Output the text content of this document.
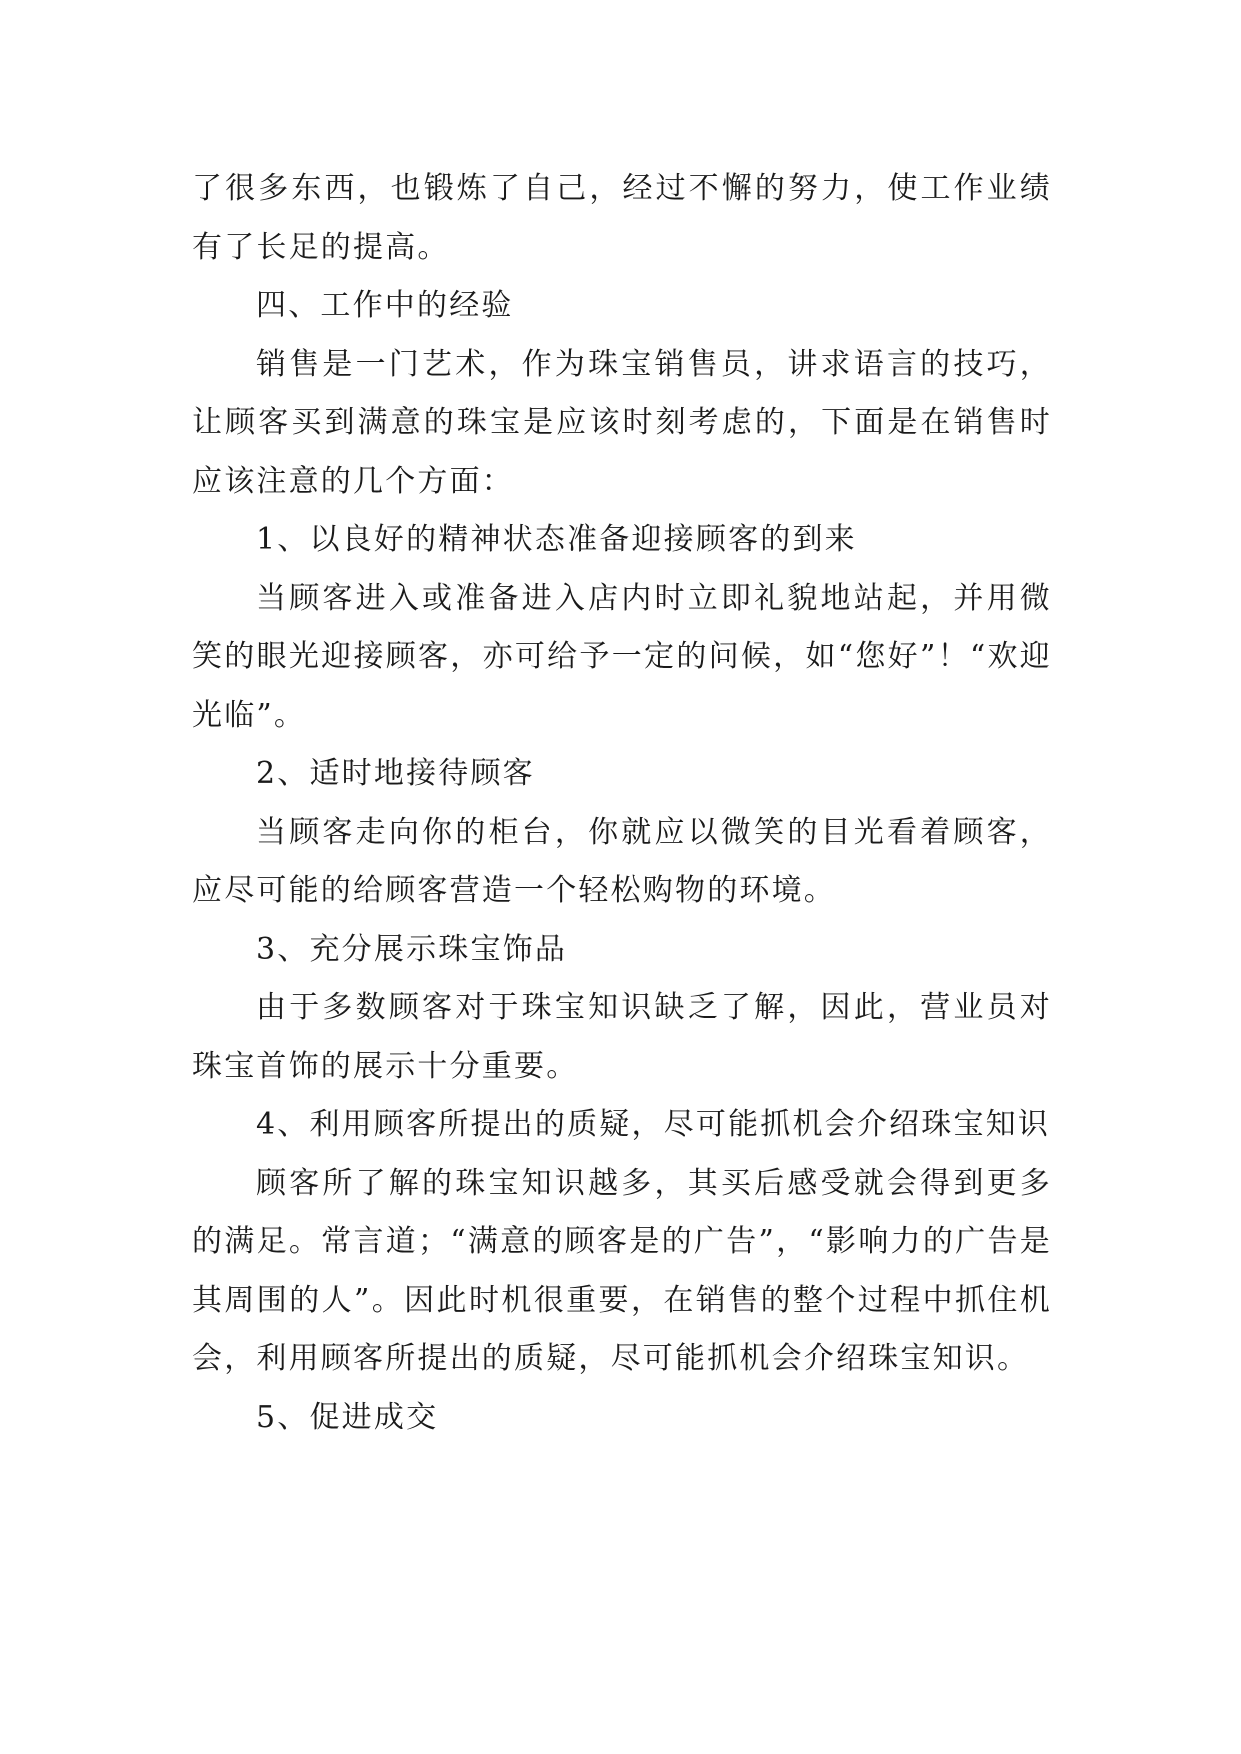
了很多东西，也锻炼了自己，经过不懈的努力，使工作业绩有了长足的提高。

四、工作中的经验

销售是一门艺术，作为珠宝销售员，讲求语言的技巧，让顾客买到满意的珠宝是应该时刻考虑的，下面是在销售时应该注意的几个方面：

1、以良好的精神状态准备迎接顾客的到来

当顾客进入或准备进入店内时立即礼貌地站起，并用微笑的眼光迎接顾客，亦可给予一定的问候，如“您好”！“欢迎光临”。

2、适时地接待顾客

当顾客走向你的柜台，你就应以微笑的目光看着顾客，应尽可能的给顾客营造一个轻松购物的环境。

3、充分展示珠宝饰品

由于多数顾客对于珠宝知识缺乏了解，因此，营业员对珠宝首饰的展示十分重要。

4、利用顾客所提出的质疑，尽可能抓机会介绍珠宝知识

顾客所了解的珠宝知识越多，其买后感受就会得到更多的满足。常言道；“满意的顾客是的广告”，“影响力的广告是其周围的人”。因此时机很重要，在销售的整个过程中抓住机会，利用顾客所提出的质疑，尽可能抓机会介绍珠宝知识。

5、促进成交
